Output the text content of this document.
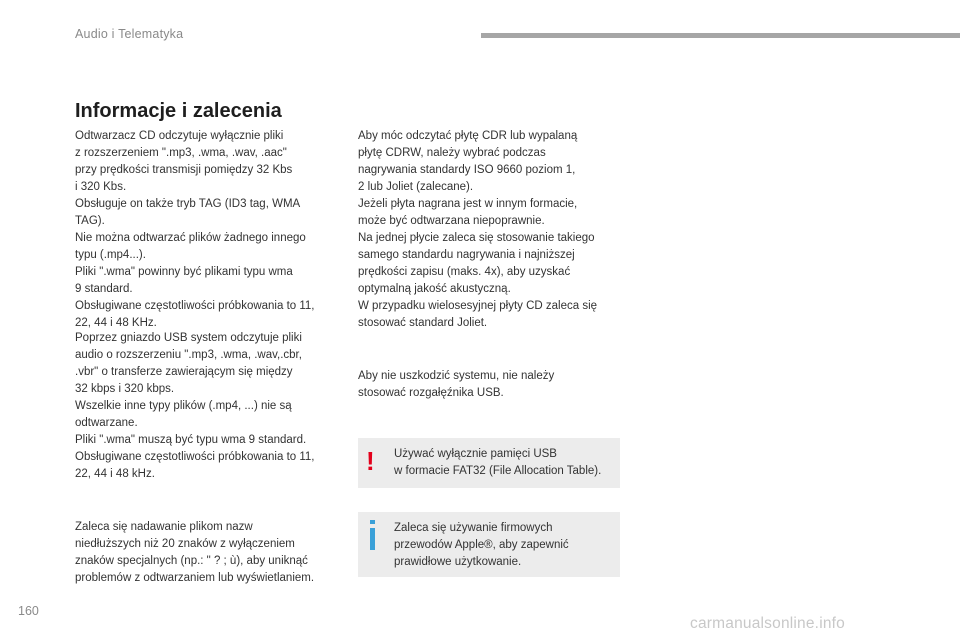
Audio i Telematyka
Informacje i zalecenia
Odtwarzacz CD odczytuje wyłącznie pliki
z rozszerzeniem ".mp3, .wma, .wav, .aac"
przy prędkości transmisji pomiędzy 32 Kbs
i 320 Kbs.
Obsługuje on także tryb TAG (ID3 tag, WMA
TAG).
Nie można odtwarzać plików żadnego innego
typu (.mp4...).
Pliki ".wma" powinny być plikami typu wma
9 standard.
Obsługiwane częstotliwości próbkowania to 11,
22, 44 i 48 KHz.
Poprzez gniazdo USB system odczytuje pliki
audio o rozszerzeniu ".mp3, .wma, .wav,.cbr,
.vbr" o transferze zawierającym się między
32 kbps i 320 kbps.
Wszelkie inne typy plików (.mp4, ...) nie są
odtwarzane.
Pliki ".wma" muszą być typu wma 9 standard.
Obsługiwane częstotliwości próbkowania to 11,
22, 44 i 48 kHz.
Zaleca się nadawanie plikom nazw
niedłuższych niż 20 znaków z wyłączeniem
znaków specjalnych (np.: " ? ; ù), aby uniknąć
problemów z odtwarzaniem lub wyświetlaniem.
Aby móc odczytać płytę CDR lub wypalaną
płytę CDRW, należy wybrać podczas
nagrywania standardy ISO 9660 poziom 1,
2 lub Joliet (zalecane).
Jeżeli płyta nagrana jest w innym formacie,
może być odtwarzana niepoprawnie.
Na jednej płycie zaleca się stosowanie takiego
samego standardu nagrywania i najniższej
prędkości zapisu (maks. 4x), aby uzyskać
optymalną jakość akustyczną.
W przypadku wielosesyjnej płyty CD zaleca się
stosować standard Joliet.
Aby nie uszkodzić systemu, nie należy
stosować rozgałęźnika USB.
! Używać wyłącznie pamięci USB
w formacie FAT32 (File Allocation Table).
Zaleca się używanie firmowych
przewodów Apple®, aby zapewnić
prawidłowe użytkowanie.
160
carmanualsonline.info
